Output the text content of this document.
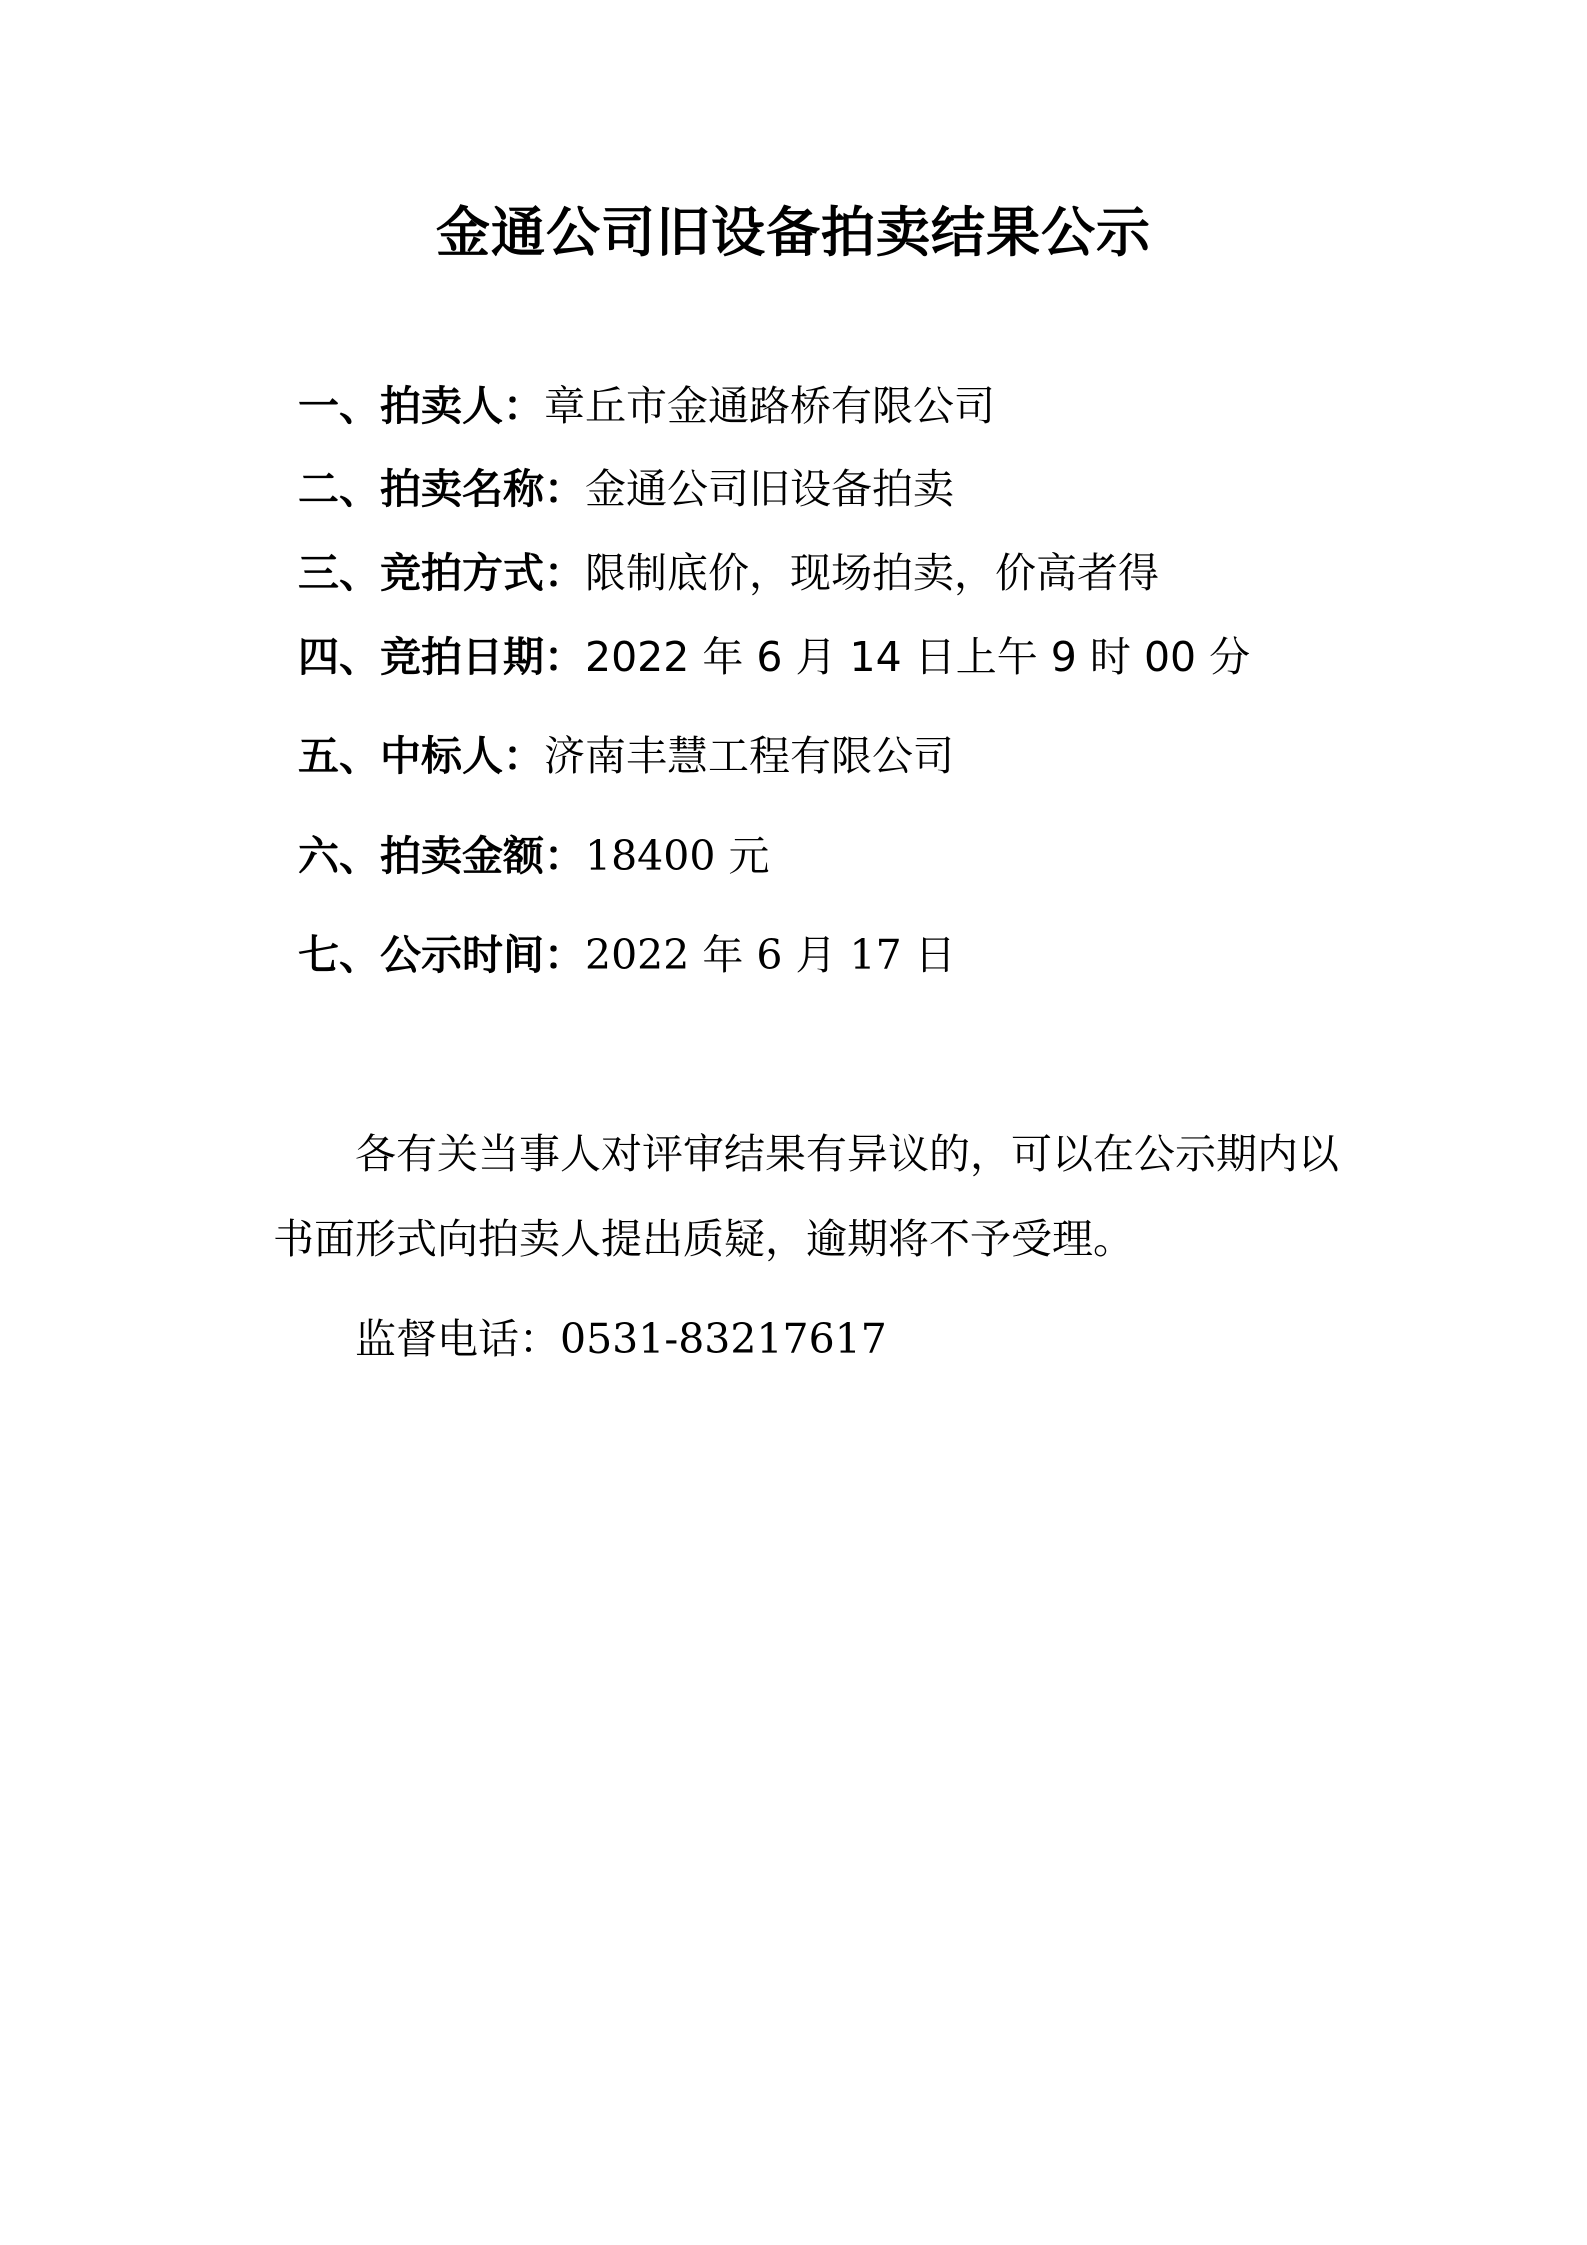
金通公司旧设备拍卖结果公示
一、拍卖人：章丘市金通路桥有限公司
二、拍卖名称：金通公司旧设备拍卖
三、竞拍方式：限制底价，现场拍卖，价高者得
四、竞拍日期：2022 年 6 月 14 日上午 9 时 00 分
五、中标人：济南丰慧工程有限公司
六、拍卖金额：18400 元
七、公示时间：2022 年 6 月 17 日
各有关当事人对评审结果有异议的，可以在公示期内以
书面形式向拍卖人提出质疑，逾期将不予受理。
监督电话：0531-83217617
